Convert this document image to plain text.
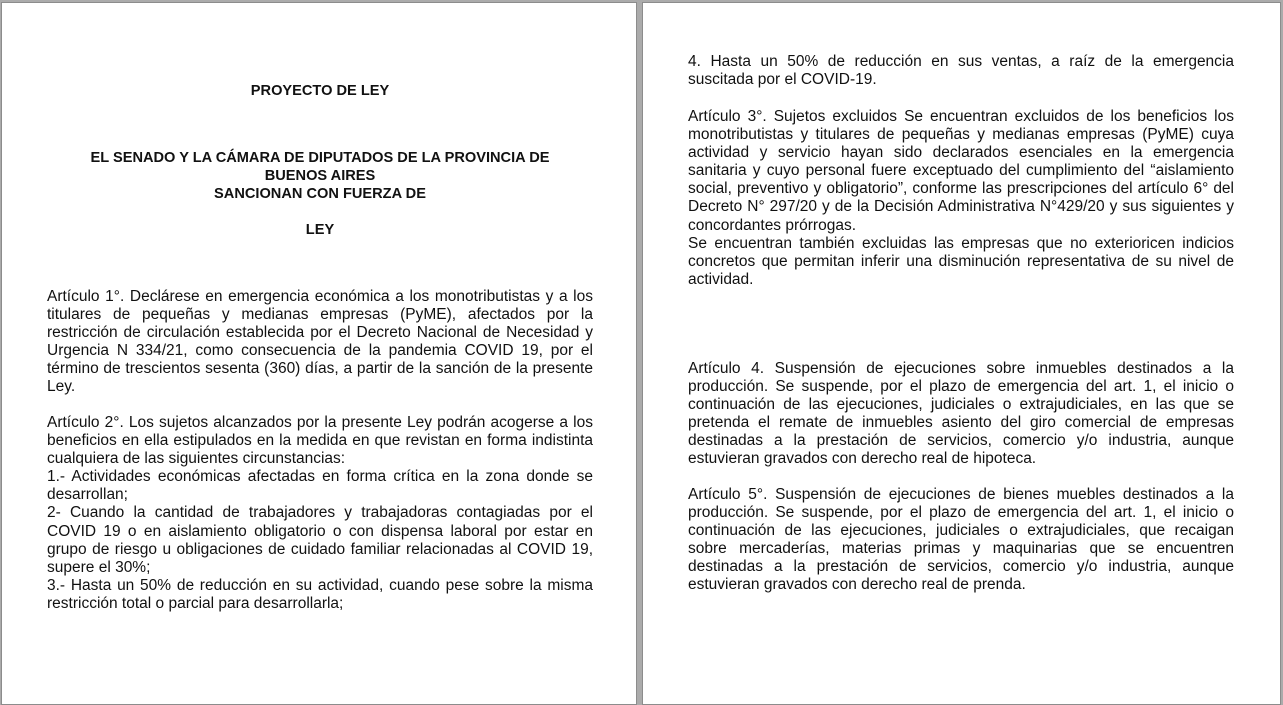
PROYECTO DE LEY
EL SENADO Y LA CÁMARA DE DIPUTADOS DE LA PROVINCIA DE
BUENOS AIRES
SANCIONAN CON FUERZA DE
LEY

Artículo 1°. Declárese en emergencia económica a los monotributistas y a los titulares de pequeñas y medianas empresas (PyME), afectados por la restricción de circulación establecida por el Decreto Nacional de Necesidad y Urgencia N 334/21, como consecuencia de la pandemia COVID 19, por el término de trescientos sesenta (360) días, a partir de la sanción de la presente Ley.

Artículo 2°. Los sujetos alcanzados por la presente Ley podrán acogerse a los beneficios en ella estipulados en la medida en que revistan en forma indistinta cualquiera de las siguientes circunstancias:

1.- Actividades económicas afectadas en forma crítica en la zona donde se desarrollan;

2- Cuando la cantidad de trabajadores y trabajadoras contagiadas por el COVID 19 o en aislamiento obligatorio o con dispensa laboral por estar en grupo de riesgo u obligaciones de cuidado familiar relacionadas al COVID 19, supere el 30%;

3.- Hasta un 50% de reducción en su actividad, cuando pese sobre la misma restricción total o parcial para desarrollarla;

4. Hasta un 50% de reducción en sus ventas, a raíz de la emergencia suscitada por el COVID-19.

Artículo 3°. Sujetos excluidos Se encuentran excluidos de los beneficios los monotributistas y titulares de pequeñas y medianas empresas (PyME) cuya actividad y servicio hayan sido declarados esenciales en la emergencia sanitaria y cuyo personal fuere exceptuado del cumplimiento del “aislamiento social, preventivo y obligatorio”, conforme las prescripciones del artículo 6° del Decreto N° 297/20 y de la Decisión Administrativa N°429/20 y sus siguientes y concordantes prórrogas.

Se encuentran también excluidas las empresas que no exterioricen indicios concretos que permitan inferir una disminución representativa de su nivel de actividad.

Artículo 4. Suspensión de ejecuciones sobre inmuebles destinados a la producción. Se suspende, por el plazo de emergencia del art. 1, el inicio o continuación de las ejecuciones, judiciales o extrajudiciales, en las que se pretenda el remate de inmuebles asiento del giro comercial de empresas destinadas a la prestación de servicios, comercio y/o industria, aunque estuvieran gravados con derecho real de hipoteca.

Artículo 5°. Suspensión de ejecuciones de bienes muebles destinados a la producción. Se suspende, por el plazo de emergencia del art. 1, el inicio o continuación de las ejecuciones, judiciales o extrajudiciales, que recaigan sobre mercaderías, materias primas y maquinarias que se encuentren destinadas a la prestación de servicios, comercio y/o industria, aunque estuvieran gravados con derecho real de prenda.
